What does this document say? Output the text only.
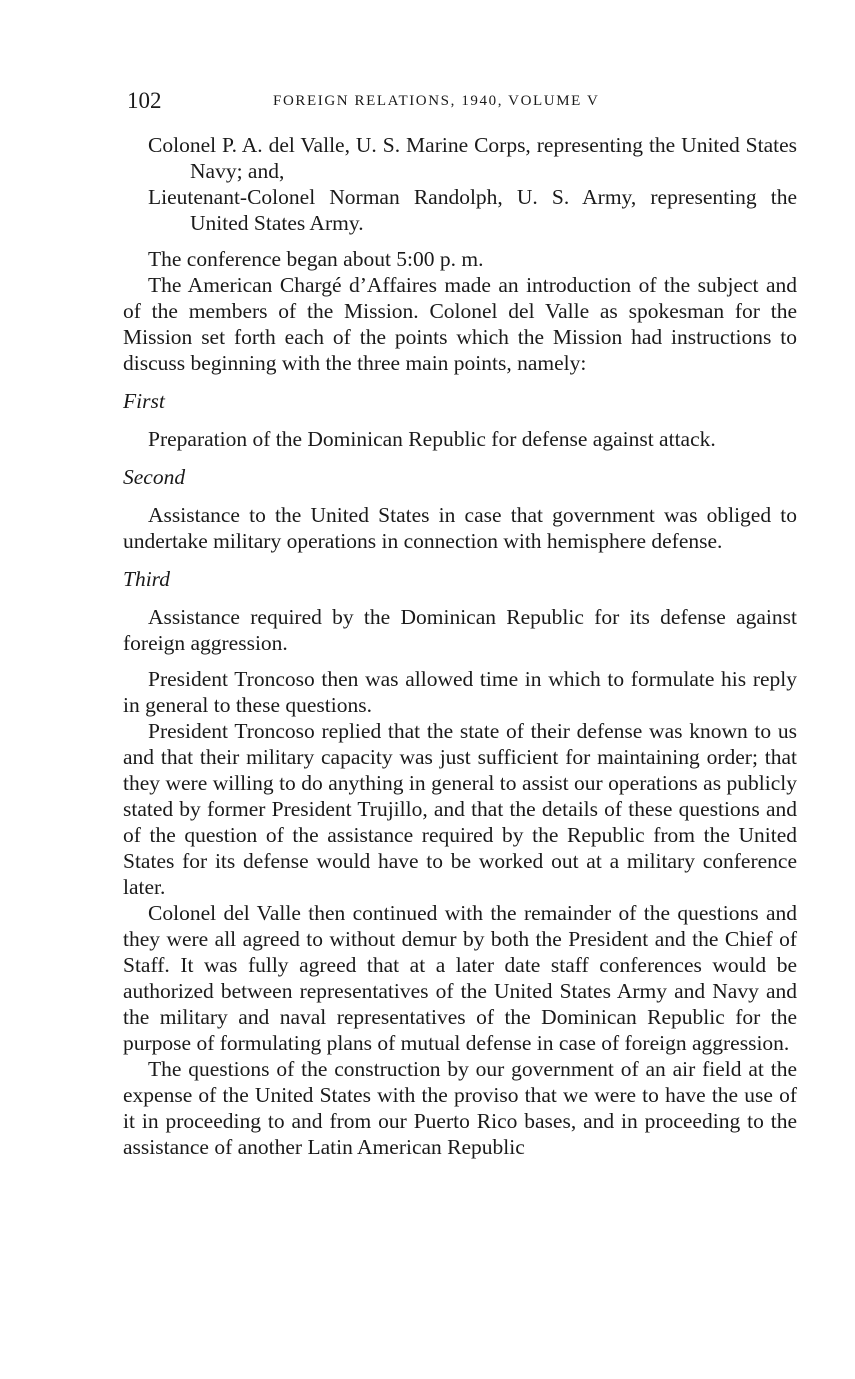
102	FOREIGN RELATIONS, 1940, VOLUME V

Colonel P. A. del Valle, U. S. Marine Corps, representing the United States Navy; and,

Lieutenant-Colonel Norman Randolph, U. S. Army, representing the United States Army.

The conference began about 5:00 p. m.

The American Chargé d’Affaires made an introduction of the subject and of the members of the Mission. Colonel del Valle as spokesman for the Mission set forth each of the points which the Mission had instructions to discuss beginning with the three main points, namely:

First

Preparation of the Dominican Republic for defense against attack.

Second

Assistance to the United States in case that government was obliged to undertake military operations in connection with hemisphere defense.

Third

Assistance required by the Dominican Republic for its defense against foreign aggression.

President Troncoso then was allowed time in which to formulate his reply in general to these questions.

President Troncoso replied that the state of their defense was known to us and that their military capacity was just sufficient for maintaining order; that they were willing to do anything in general to assist our operations as publicly stated by former President Trujillo, and that the details of these questions and of the question of the assistance required by the Republic from the United States for its defense would have to be worked out at a military conference later.

Colonel del Valle then continued with the remainder of the questions and they were all agreed to without demur by both the President and the Chief of Staff. It was fully agreed that at a later date staff conferences would be authorized between representatives of the United States Army and Navy and the military and naval representatives of the Dominican Republic for the purpose of formulating plans of mutual defense in case of foreign aggression.

The questions of the construction by our government of an air field at the expense of the United States with the proviso that we were to have the use of it in proceeding to and from our Puerto Rico bases, and in proceeding to the assistance of another Latin American Republic
